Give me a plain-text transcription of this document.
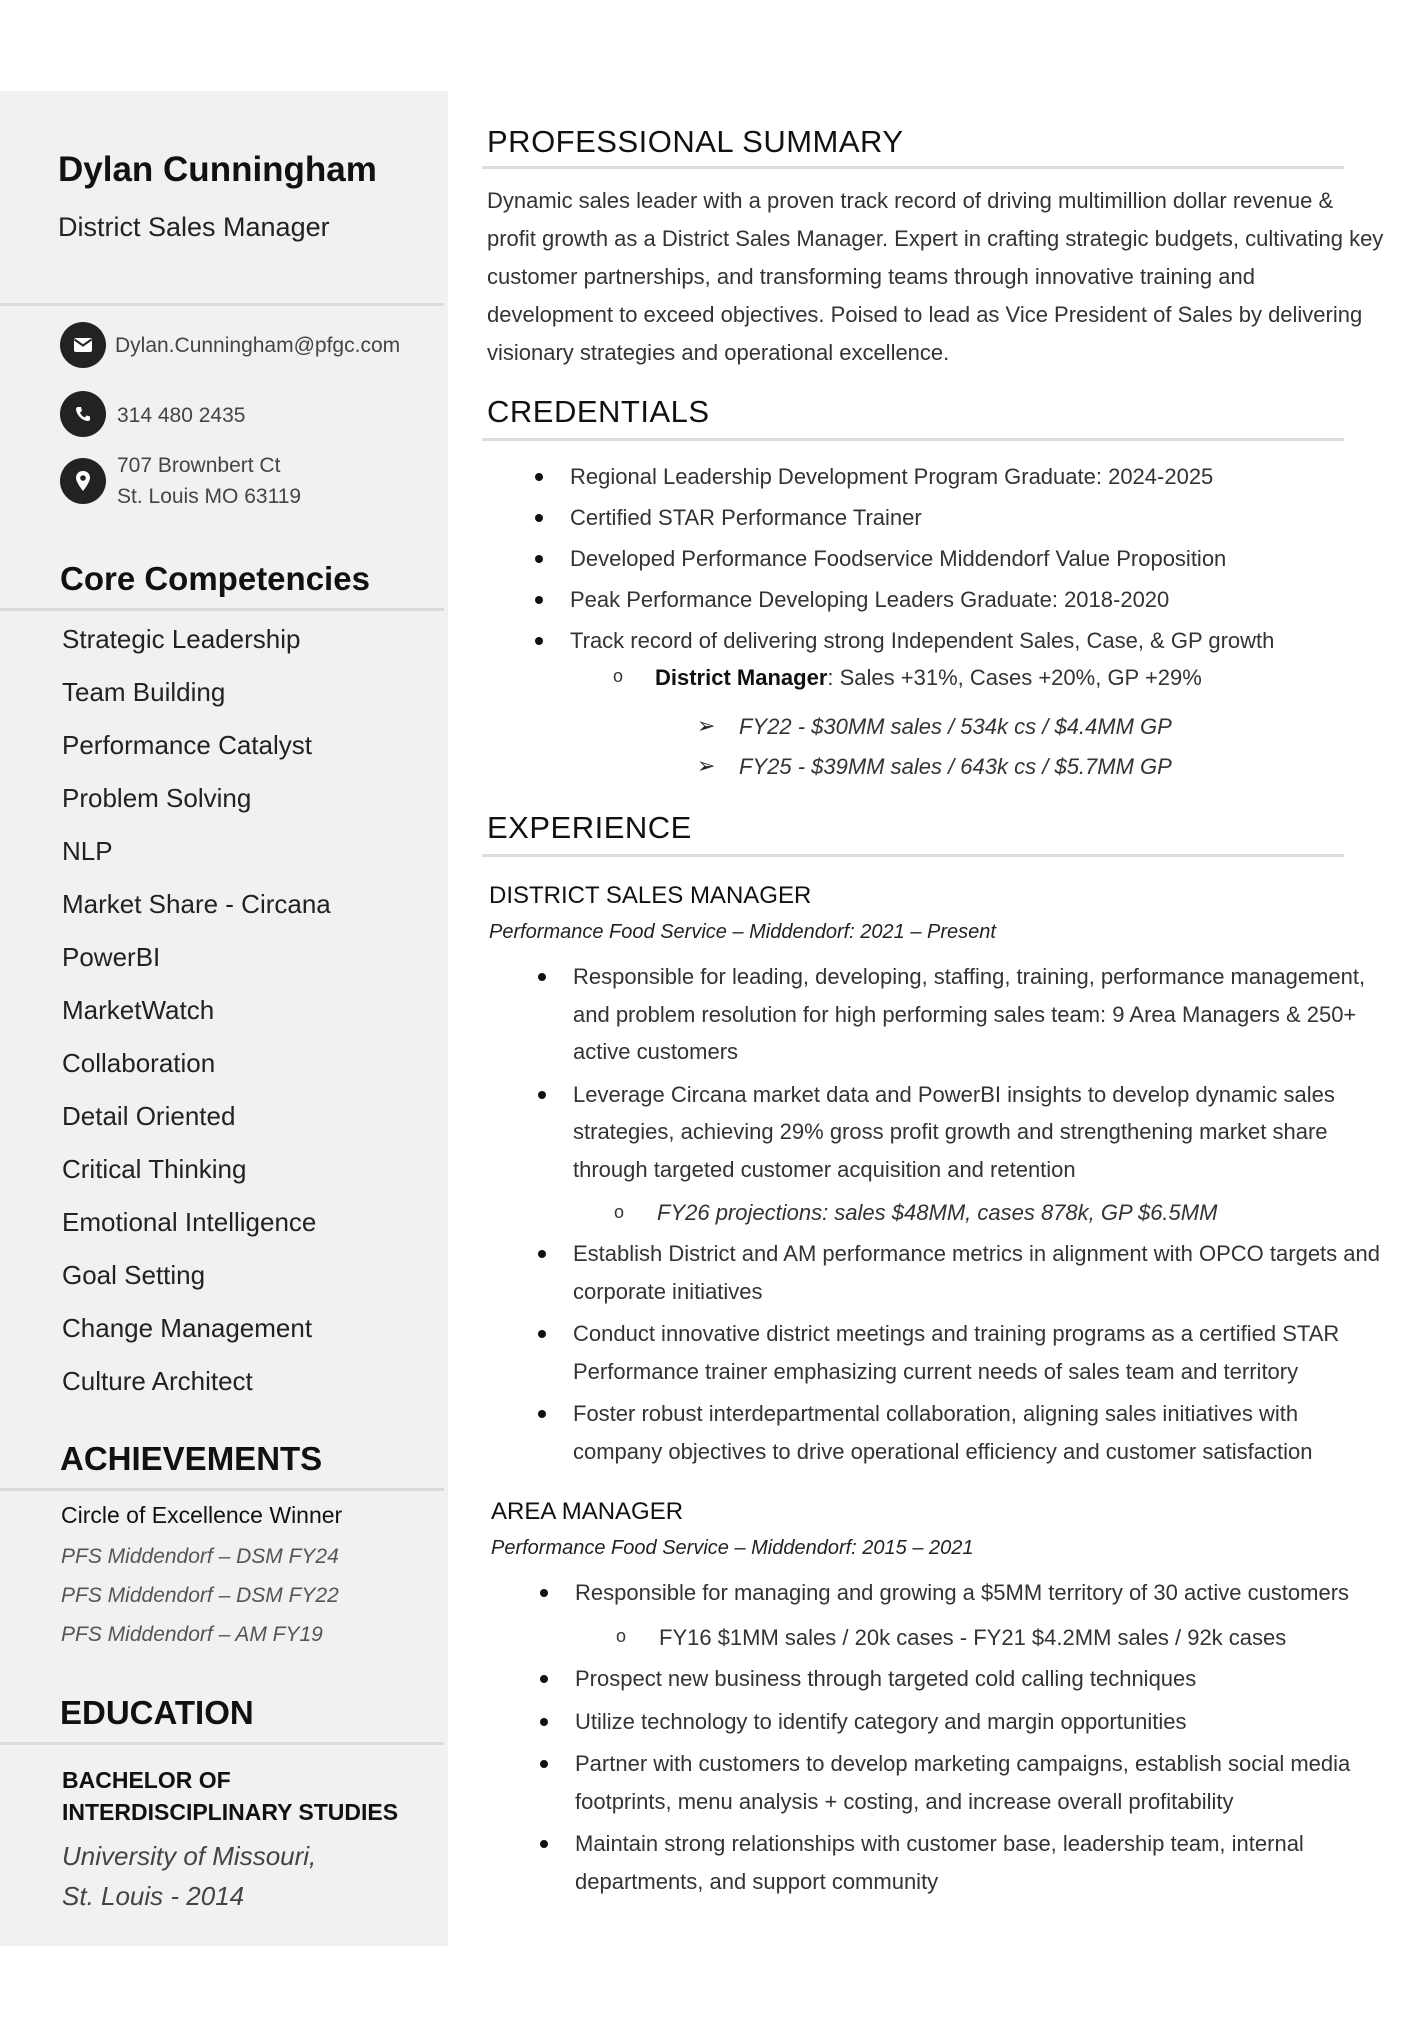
Dylan Cunningham
District Sales Manager
Dylan.Cunningham@pfgc.com
314 480 2435
707 Brownbert Ct
St. Louis MO 63119
Core Competencies
Strategic Leadership
Team Building
Performance Catalyst
Problem Solving
NLP
Market Share - Circana
PowerBI
MarketWatch
Collaboration
Detail Oriented
Critical Thinking
Emotional Intelligence
Goal Setting
Change Management
Culture Architect
ACHIEVEMENTS
Circle of Excellence Winner
PFS Middendorf – DSM FY24
PFS Middendorf – DSM FY22
PFS Middendorf – AM FY19
EDUCATION
BACHELOR OF INTERDISCIPLINARY STUDIES
University of Missouri,
St. Louis - 2014
PROFESSIONAL SUMMARY
Dynamic sales leader with a proven track record of driving multimillion dollar revenue & profit growth as a District Sales Manager. Expert in crafting strategic budgets, cultivating key customer partnerships, and transforming teams through innovative training and development to exceed objectives. Poised to lead as Vice President of Sales by delivering visionary strategies and operational excellence.
CREDENTIALS
Regional Leadership Development Program Graduate: 2024-2025
Certified STAR Performance Trainer
Developed Performance Foodservice Middendorf Value Proposition
Peak Performance Developing Leaders Graduate: 2018-2020
Track record of delivering strong Independent Sales, Case, & GP growth
o District Manager: Sales +31%, Cases +20%, GP +29%
➢ FY22 - $30MM sales / 534k cs / $4.4MM GP
➢ FY25 - $39MM sales / 643k cs / $5.7MM GP
EXPERIENCE
DISTRICT SALES MANAGER
Performance Food Service – Middendorf: 2021 – Present
Responsible for leading, developing, staffing, training, performance management, and problem resolution for high performing sales team: 9 Area Managers & 250+ active customers
Leverage Circana market data and PowerBI insights to develop dynamic sales strategies, achieving 29% gross profit growth and strengthening market share through targeted customer acquisition and retention
o FY26 projections: sales $48MM, cases 878k, GP $6.5MM
Establish District and AM performance metrics in alignment with OPCO targets and corporate initiatives
Conduct innovative district meetings and training programs as a certified STAR Performance trainer emphasizing current needs of sales team and territory
Foster robust interdepartmental collaboration, aligning sales initiatives with company objectives to drive operational efficiency and customer satisfaction
AREA MANAGER
Performance Food Service – Middendorf: 2015 – 2021
Responsible for managing and growing a $5MM territory of 30 active customers
o FY16 $1MM sales / 20k cases - FY21 $4.2MM sales / 92k cases
Prospect new business through targeted cold calling techniques
Utilize technology to identify category and margin opportunities
Partner with customers to develop marketing campaigns, establish social media footprints, menu analysis + costing, and increase overall profitability
Maintain strong relationships with customer base, leadership team, internal departments, and support community
